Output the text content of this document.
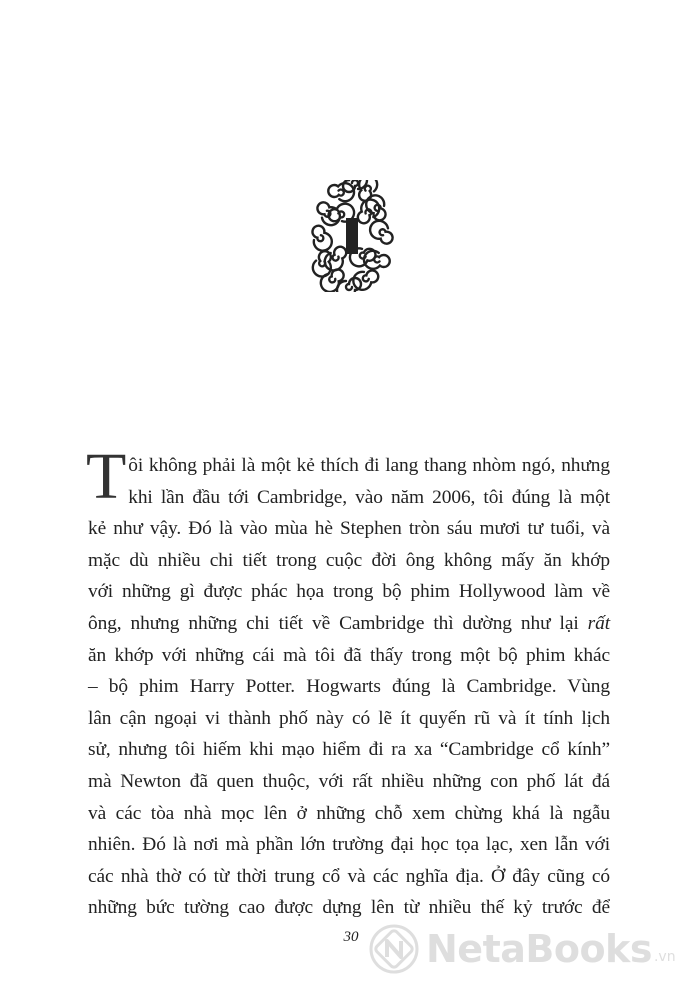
T ôi không phải là một kẻ thích đi lang thang nhòm ngó, nhưng
khi lần đầu tới Cambridge, vào năm 2006, tôi đúng là một
kẻ như vậy. Đó là vào mùa hè Stephen tròn sáu mươi tư tuổi, và
mặc dù nhiều chi tiết trong cuộc đời ông không mấy ăn khớp
với những gì được phác họa trong bộ phim Hollywood làm về
ông, nhưng những chi tiết về Cambridge thì dường như lại rất
ăn khớp với những cái mà tôi đã thấy trong một bộ phim khác
– bộ phim Harry Potter. Hogwarts đúng là Cambridge. Vùng
lân cận ngoại vi thành phố này có lẽ ít quyến rũ và ít tính lịch
sử, nhưng tôi hiếm khi mạo hiểm đi ra xa “Cambridge cổ kính”
mà Newton đã quen thuộc, với rất nhiều những con phố lát đá
và các tòa nhà mọc lên ở những chỗ xem chừng khá là ngẫu
nhiên. Đó là nơi mà phần lớn trường đại học tọa lạc, xen lẫn với
các nhà thờ có từ thời trung cổ và các nghĩa địa. Ở đây cũng có
những bức tường cao được dựng lên từ nhiều thế kỷ trước để
30 NetaBooks .vn
